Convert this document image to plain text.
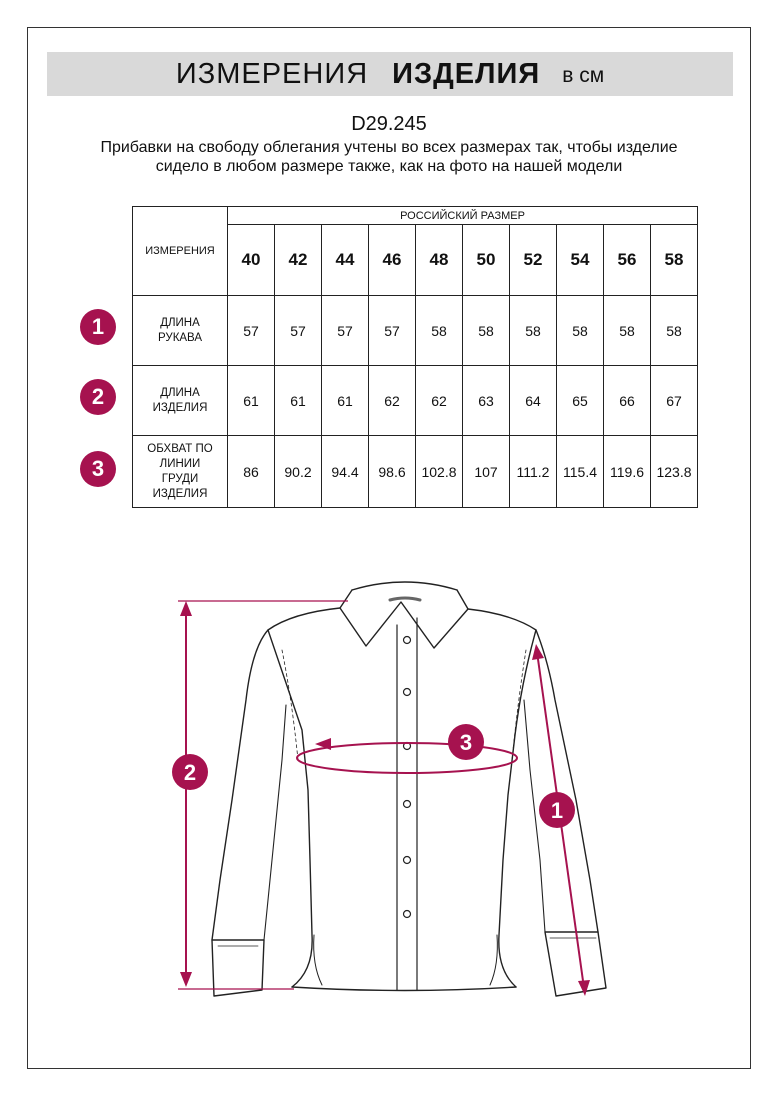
ИЗМЕРЕНИЯ ИЗДЕЛИЯ в см
D29.245
Прибавки на свободу облегания учтены во всех размерах так, чтобы изделие сидело в любом размере также, как на фото на нашей модели
ИЗМЕРЕНИЯ	РОССИЙСКИЙ РАЗМЕР									
	40	42	44	46	48	50	52	54	56	58
ДЛИНА
РУКАВА	57	57	57	57	58	58	58	58	58	58
ДЛИНА
ИЗДЕЛИЯ	61	61	61	62	62	63	64	65	66	67
ОБХВАТ ПО
ЛИНИИ
ГРУДИ
ИЗДЕЛИЯ	86	90.2	94.4	98.6	102.8	107	111.2	115.4	119.6	123.8
1
2
3
2
3
1
